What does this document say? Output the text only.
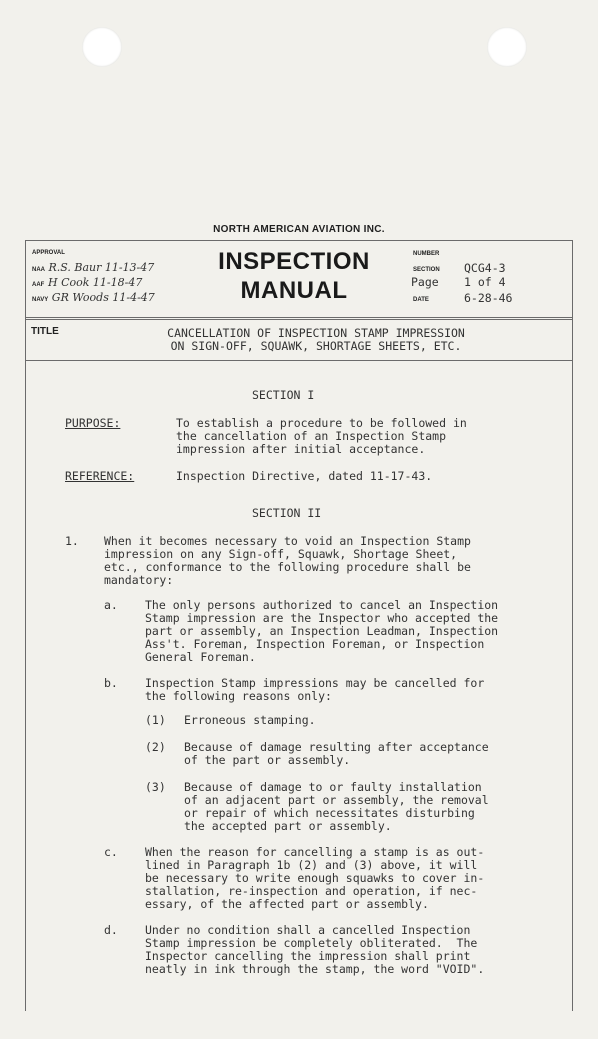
NORTH AMERICAN AVIATION INC.
APPROVAL
NAA R.S. Baur 11-13-47
AAF H Cook 11-18-47
NAVY GR Woods 11-4-47
INSPECTION
MANUAL
NUMBER
SECTION QCG4-3
Page 1 of 4
DATE	6-28-46
TITLE	CANCELLATION OF INSPECTION STAMP IMPRESSION
ON SIGN-OFF, SQUAWK, SHORTAGE SHEETS, ETC.
SECTION I
PURPOSE:	To establish a procedure to be followed in
the cancellation of an Inspection Stamp
impression after initial acceptance.
REFERENCE:	Inspection Directive, dated 11-17-43.
SECTION II
1. When it becomes necessary to void an Inspection Stamp
impression on any Sign-off, Squawk, Shortage Sheet,
etc., conformance to the following procedure shall be
mandatory:
a. The only persons authorized to cancel an Inspection
Stamp impression are the Inspector who accepted the
part or assembly, an Inspection Leadman, Inspection
Ass't. Foreman, Inspection Foreman, or Inspection
General Foreman.
b. Inspection Stamp impressions may be cancelled for
the following reasons only:
(1) Erroneous stamping.
(2) Because of damage resulting after acceptance
of the part or assembly.
(3) Because of damage to or faulty installation
of an adjacent part or assembly, the removal
or repair of which necessitates disturbing
the accepted part or assembly.
c. When the reason for cancelling a stamp is as out-
lined in Paragraph 1b (2) and (3) above, it will
be necessary to write enough squawks to cover in-
stallation, re-inspection and operation, if nec-
essary, of the affected part or assembly.
d. Under no condition shall a cancelled Inspection
Stamp impression be completely obliterated.  The
Inspector cancelling the impression shall print
neatly in ink through the stamp, the word "VOID".
